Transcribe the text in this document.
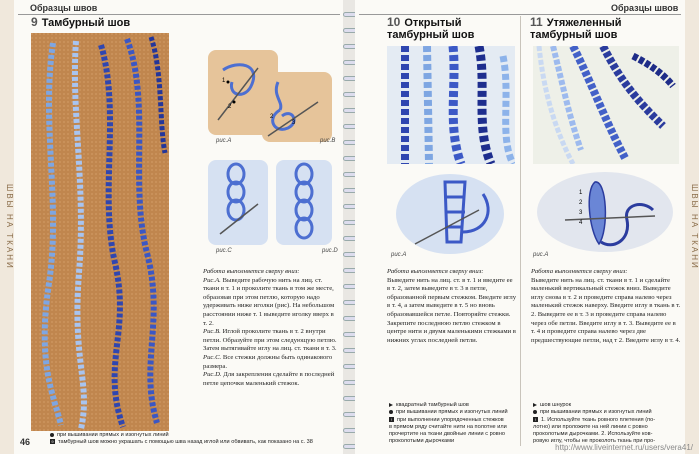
ШВЫ НА ТКАНИ
Образцы швов
9 Тамбурный шов
1
2
рис.A
2
3
рис.B
рис.C	рис.D

Работа выполняется сверху вниз:

Рис.A. Выведите рабочую нить на лиц. ст. ткани в т. 1 и проколите ткань в том же месте, образовав при этом петлю, которую надо удерживать ниже иголки (рис). На небольшом расстоянии ниже т. 1 выведите иголку вверх в т. 2.

Рис.B. Иглой проколите ткань в т. 2 внутри петли. Образуйте при этом следующую петлю. Затем вытягивайте иглу на лиц. ст. ткани в т. 3.

Рис.C. Все стежки должны быть одинакового размера.

Рис.D. Для закрепления сделайте в последней петле цепочки маленький стежок.

46
при вышивании прямых и изогнутых линий
9 тамбурный шов можно украшать с помощью шва назад иглой или обвивать, как показано на с. 38
Образцы швов
ШВЫ НА ТКАНИ
10 Открытый тамбурный шов
рис.A

Работа выполняется сверху вниз:

Выведите нить на лиц. ст. в т. 1 и введите ее в т. 2, затем выведите в т. 3 в петле, образованной первым стежком. Введите иглу в т. 4, а затем выведите в т. 5 но вновь образовавшейся петле. Повторяйте стежки.

Закрепите последнюю петлю стежком в центре нити и двумя маленькими стежками в нижних углах последней петли.

квадратный тамбурный шов
при вышивании прямых и изогнутых линий
! при выполнении упорядоченных стежков
в прямом ряду считайте нити на полотне или
прочертите на ткани двойные линии с ровно
проколотыми дырочками
11 Утяжеленный тамбурный шов
1
2
3
4
рис.A

Работа выполняется сверху вниз:

Выведите нить на лиц. ст. ткани в т. 1 и сделайте маленький вертикальный стежок вниз. Выведите иглу снова в т. 2 и проведите справа налево через маленький стежок наверху. Введите иглу в ткань в т. 2. Выведите ее в т. 3 и проведите справа налево через обе петли. Введите иглу в т. 3. Выведите ее в т. 4 и проведите справа налево через две предшествующие петли, над т 2. Введите иглу в т. 4.

шов шнурок
при вышивании прямых и изогнутых линий
! 1. Используйте ткань ровного плетения (по-
лотно) или проложите на ней линии с ровно
проколотыми дырочками. 2. Используйте ков-
ровую иглу, чтобы не проколоть ткань при про-
http://www.liveinternet.ru/users/vera41/
